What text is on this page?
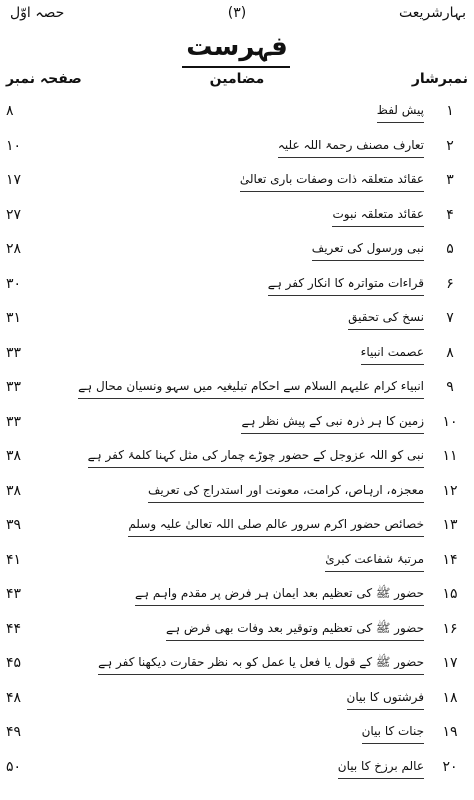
بہارشریعت
(۳)
حصہ اوّل
فہرست
نمبرشار
مضامین
صفحہ نمبر
۱
پیش لفظ
۸
۲
تعارف مصنف رحمۃ اللہ علیہ
۱۰
۳
عقائد متعلقہ ذات وصفات باری تعالیٰ
۱۷
۴
عقائد متعلقہ نبوت
۲۷
۵
نبی ورسول کی تعریف
۲۸
۶
قراءات متواترہ کا انکار کفر ہے
۳۰
۷
نسخ کی تحقیق
۳۱
۸
عصمت انبیاء
۳۳
۹
انبیاء کرام علیہم السلام سے احکام تبلیغیہ میں سہو ونسیان محال ہے
۳۳
۱۰
زمین کا ہر ذرہ نبی کے پیش نظر ہے
۳۳
۱۱
نبی کو اللہ عزوجل کے حضور چوڑے چمار کی مثل کہنا کلمۂ کفر ہے
۳۸
۱۲
معجزہ، ارہاص، کرامت، معونت اور استدراج کی تعریف
۳۸
۱۳
خصائص حضور اکرم سرور عالم صلی اللہ تعالیٰ علیہ وسلم
۳۹
۱۴
مرتبۂ شفاعت کبریٰ
۴۱
۱۵
حضور ﷺ کی تعظیم بعد ایمان ہر فرض پر مقدم واہم ہے
۴۳
۱۶
حضور ﷺ کی تعظیم وتوقیر بعد وفات بھی فرض ہے
۴۴
۱۷
حضور ﷺ کے قول یا فعل یا عمل کو بہ نظر حقارت دیکھنا کفر ہے
۴۵
۱۸
فرشتوں کا بیان
۴۸
۱۹
جنات کا بیان
۴۹
۲۰
عالم برزخ کا بیان
۵۰
